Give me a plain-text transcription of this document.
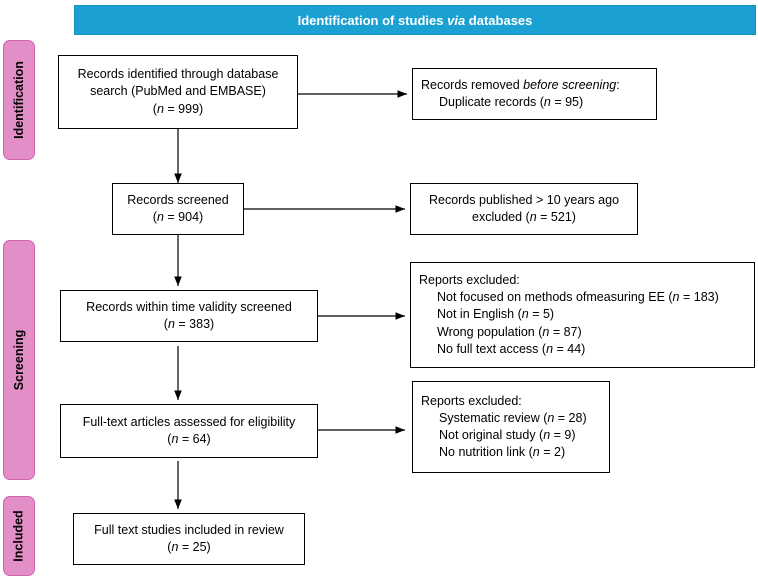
Identification of studies via databases
Identification
Screening
Included
Records identified through database
search (PubMed and EMBASE)
(n = 999)
Records removed before screening:
Duplicate records (n = 95)
Records screened
(n = 904)
Records published > 10 years ago
excluded (n = 521)
Records within time validity screened
(n = 383)
Reports excluded:
Not focused on methods ofmeasuring EE (n = 183)
Not in English (n = 5)
Wrong population (n = 87)
No full text access (n = 44)
Full-text articles assessed for eligibility
(n = 64)
Reports excluded:
Systematic review (n = 28)
Not original study (n = 9)
No nutrition link (n = 2)
Full text studies included in review
(n = 25)
